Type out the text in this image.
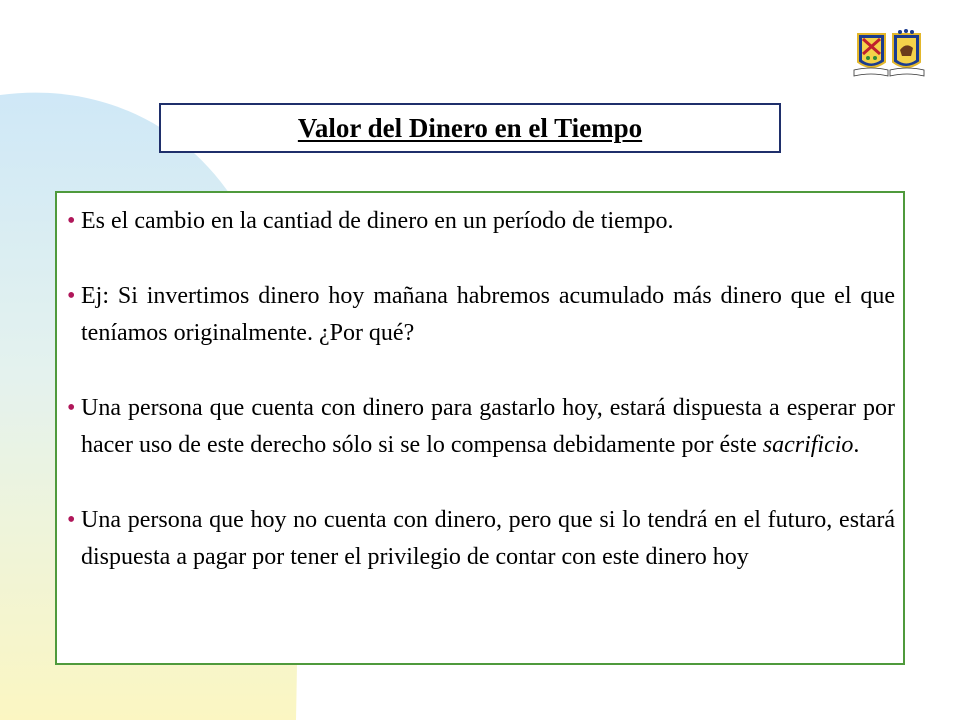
Valor del Dinero en el Tiempo

• Es el cambio en la cantiad de dinero en un período de tiempo.

• Ej: Si invertimos dinero hoy mañana habremos acumulado más dinero que el que teníamos originalmente. ¿Por qué?

• Una persona que cuenta con dinero para gastarlo hoy, estará dispuesta a esperar por hacer uso de este derecho sólo si se lo compensa debidamente por éste sacrificio.

• Una persona que hoy no cuenta con dinero, pero que si lo tendrá en el futuro, estará dispuesta a pagar por tener el privilegio de contar con este dinero hoy
